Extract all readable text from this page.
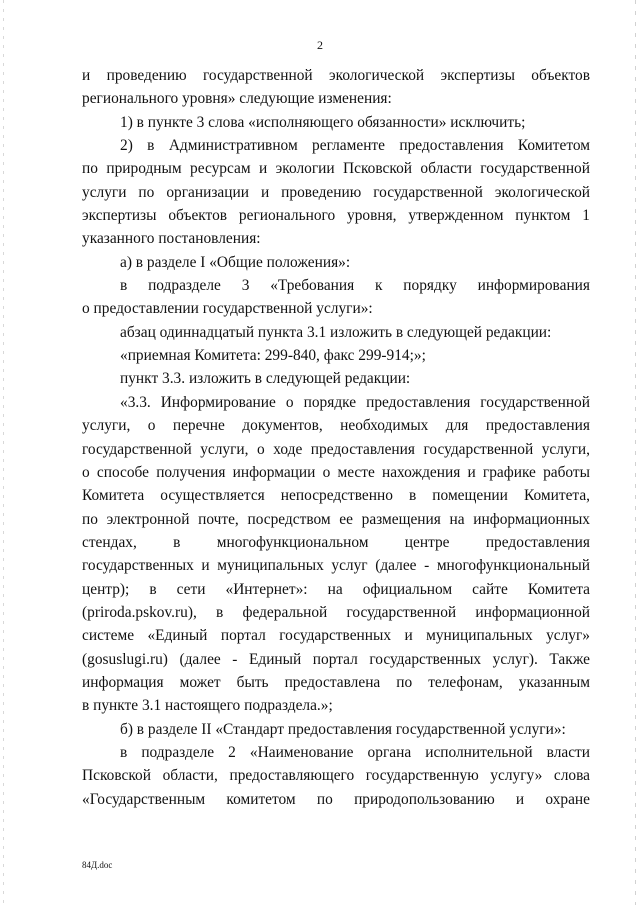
2
и проведению государственной экологической экспертизы объектов
регионального уровня» следующие изменения:
1) в пункте 3 слова «исполняющего обязанности» исключить;
2) в Административном регламенте предоставления Комитетом
по природным ресурсам и экологии Псковской области государственной
услуги по организации и проведению государственной экологической
экспертизы объектов регионального уровня, утвержденном пунктом 1
указанного постановления:
а) в разделе I «Общие положения»:
в подразделе 3 «Требования к порядку информирования
о предоставлении государственной услуги»:
абзац одиннадцатый пункта 3.1 изложить в следующей редакции:
«приемная Комитета: 299-840, факс 299-914;»;
пункт 3.3. изложить в следующей редакции:
«3.3. Информирование о порядке предоставления государственной
услуги, о перечне документов, необходимых для предоставления
государственной услуги, о ходе предоставления государственной услуги,
о способе получения информации о месте нахождения и графике работы
Комитета осуществляется непосредственно в помещении Комитета,
по электронной почте, посредством ее размещения на информационных
стендах, в многофункциональном центре предоставления
государственных и муниципальных услуг (далее - многофункциональный
центр); в сети «Интернет»: на официальном сайте Комитета
(priroda.pskov.ru), в федеральной государственной информационной
системе «Единый портал государственных и муниципальных услуг»
(gosuslugi.ru) (далее - Единый портал государственных услуг). Также
информация может быть предоставлена по телефонам, указанным
в пункте 3.1 настоящего подраздела.»;
б) в разделе II «Стандарт предоставления государственной услуги»:
в подразделе 2 «Наименование органа исполнительной власти
Псковской области, предоставляющего государственную услугу» слова
«Государственным комитетом по природопользованию и охране
84Д.doc
